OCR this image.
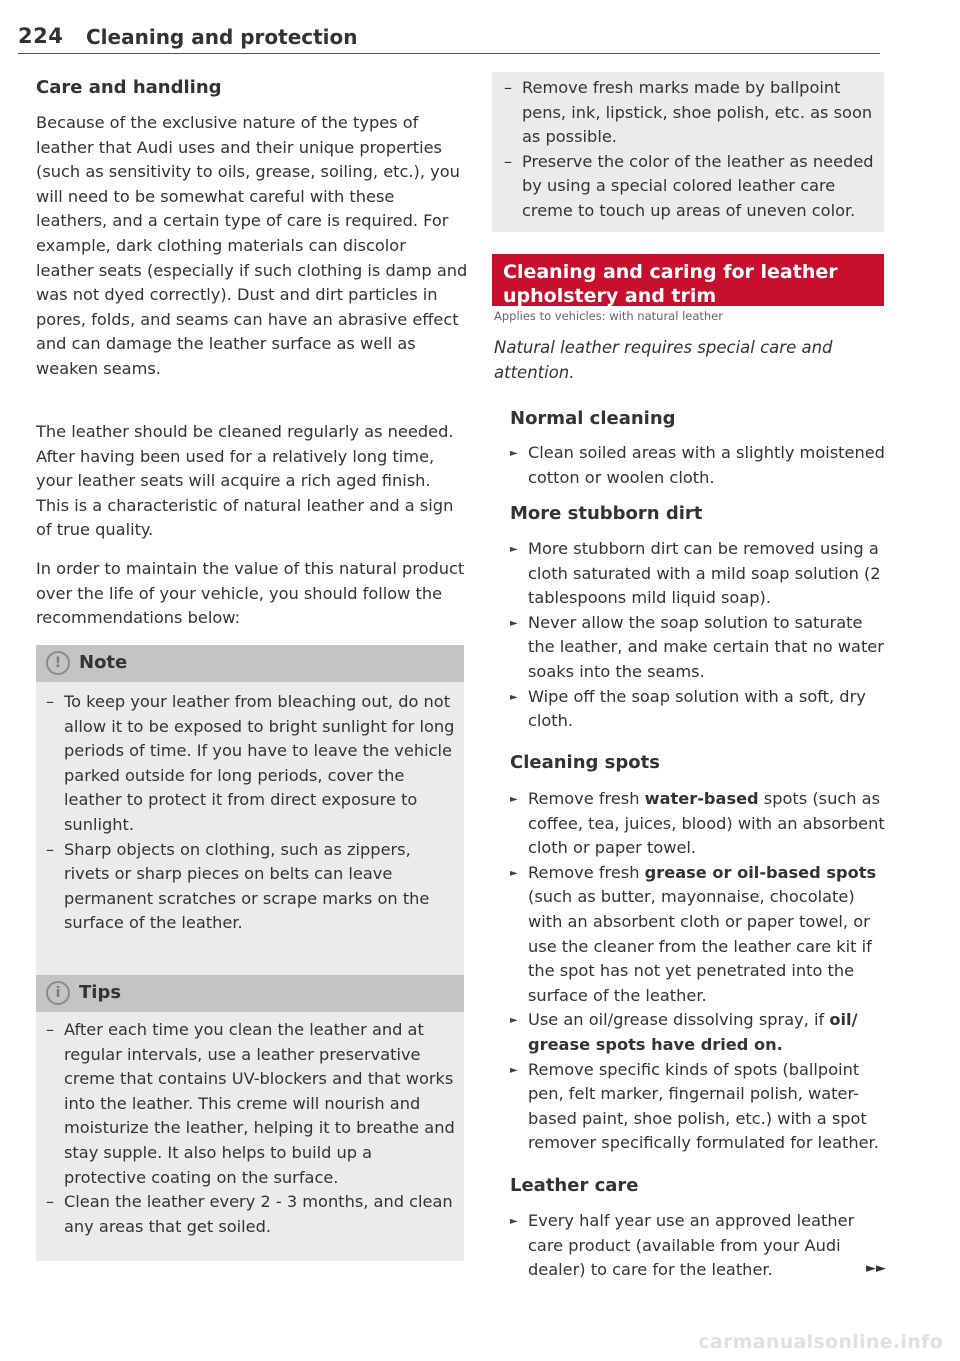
224 Cleaning and protection
Care and handling

Because of the exclusive nature of the types of leather that Audi uses and their unique properties (such as sensitivity to oils, grease, soiling, etc.), you will need to be somewhat careful with these leathers, and a certain type of care is required. For example, dark clothing materials can discolor leather seats (especially if such clothing is damp and was not dyed correctly). Dust and dirt particles in pores, folds, and seams can have an abrasive effect and can damage the leather surface as well as weaken seams.

The leather should be cleaned regularly as needed. After having been used for a relatively long time, your leather seats will acquire a rich aged finish. This is a characteristic of natural leather and a sign of true quality.

In order to maintain the value of this natural product over the life of your vehicle, you should follow the recommendations below:

! Note
– To keep your leather from bleaching out, do not allow it to be exposed to bright sunlight for long periods of time. If you have to leave the vehicle parked outside for long periods, cover the leather to protect it from direct exposure to sunlight.
– Sharp objects on clothing, such as zippers, rivets or sharp pieces on belts can leave permanent scratches or scrape marks on the surface of the leather.
i	Tips
– After each time you clean the leather and at regular intervals, use a leather preservative creme that contains UV-blockers and that works into the leather. This creme will nourish and moisturize the leather, helping it to breathe and stay supple. It also helps to build up a protective coating on the surface.
– Clean the leather every 2 - 3 months, and clean any areas that get soiled.
– Remove fresh marks made by ballpoint pens, ink, lipstick, shoe polish, etc. as soon as possible.
– Preserve the color of the leather as needed by using a special colored leather care creme to touch up areas of uneven color.
Cleaning and caring for leather upholstery and trim
Applies to vehicles: with natural leather

Natural leather requires special care and attention.

Normal cleaning
► Clean soiled areas with a slightly moistened cotton or woolen cloth.
More stubborn dirt
► More stubborn dirt can be removed using a cloth saturated with a mild soap solution (2 tablespoons mild liquid soap).
► Never allow the soap solution to saturate the leather, and make certain that no water soaks into the seams.
► Wipe off the soap solution with a soft, dry cloth.
Cleaning spots
► Remove fresh water-based spots (such as coffee, tea, juices, blood) with an absorbent cloth or paper towel.
► Remove fresh grease or oil-based spots (such as butter, mayonnaise, chocolate) with an absorbent cloth or paper towel, or use the cleaner from the leather care kit if the spot has not yet penetrated into the surface of the leather.
► Use an oil/grease dissolving spray, if oil/ grease spots have dried on.
► Remove specific kinds of spots (ballpoint pen, felt marker, fingernail polish, water-based paint, shoe polish, etc.) with a spot remover specifically formulated for leather.
Leather care
► Every half year use an approved leather care product (available from your Audi dealer) to care for the leather.	►►
carmanualsonline.info
